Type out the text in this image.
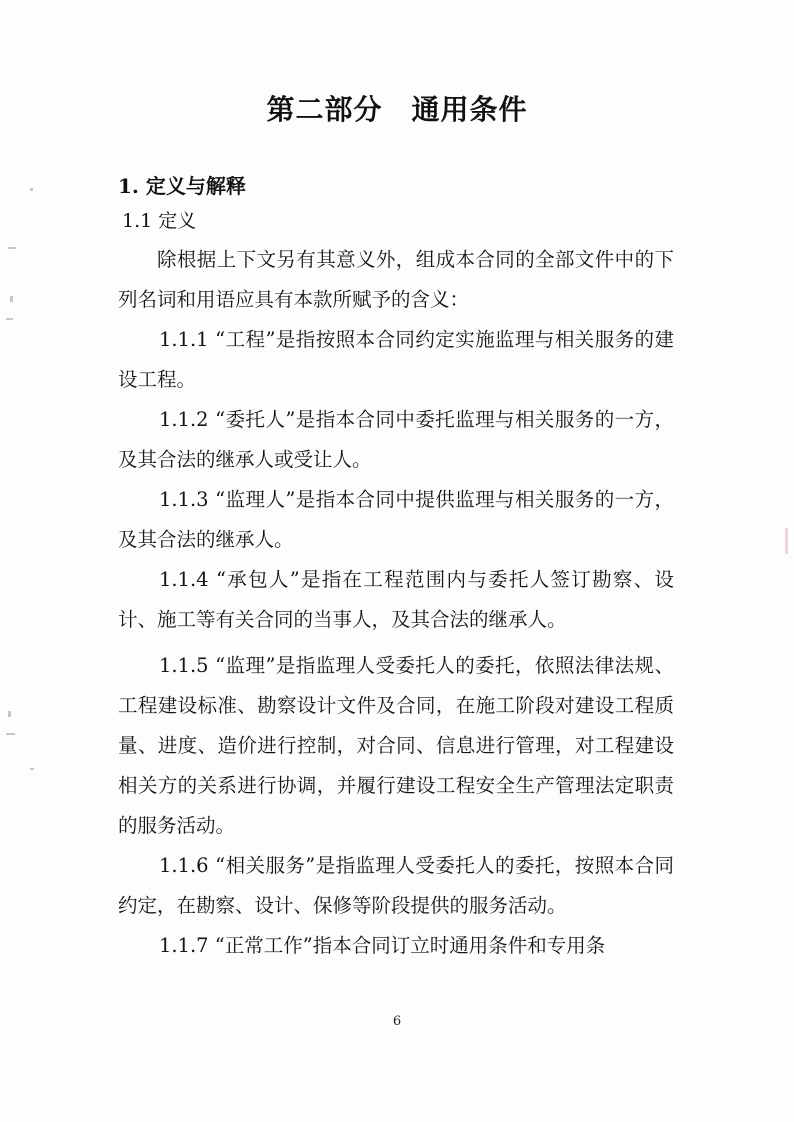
第二部分　通用条件
1. 定义与解释
1.1 定义

除根据上下文另有其意义外，组成本合同的全部文件中的下列名词和用语应具有本款所赋予的含义：

1.1.1 “工程”是指按照本合同约定实施监理与相关服务的建设工程。

1.1.2 “委托人”是指本合同中委托监理与相关服务的一方，及其合法的继承人或受让人。

1.1.3 “监理人”是指本合同中提供监理与相关服务的一方，及其合法的继承人。

1.1.4 “承包人”是指在工程范围内与委托人签订勘察、设计、施工等有关合同的当事人，及其合法的继承人。

1.1.5 “监理”是指监理人受委托人的委托，依照法律法规、工程建设标准、勘察设计文件及合同，在施工阶段对建设工程质量、进度、造价进行控制，对合同、信息进行管理，对工程建设相关方的关系进行协调，并履行建设工程安全生产管理法定职责的服务活动。

1.1.6 “相关服务”是指监理人受委托人的委托，按照本合同约定，在勘察、设计、保修等阶段提供的服务活动。

1.1.7 “正常工作”指本合同订立时通用条件和专用条

6
